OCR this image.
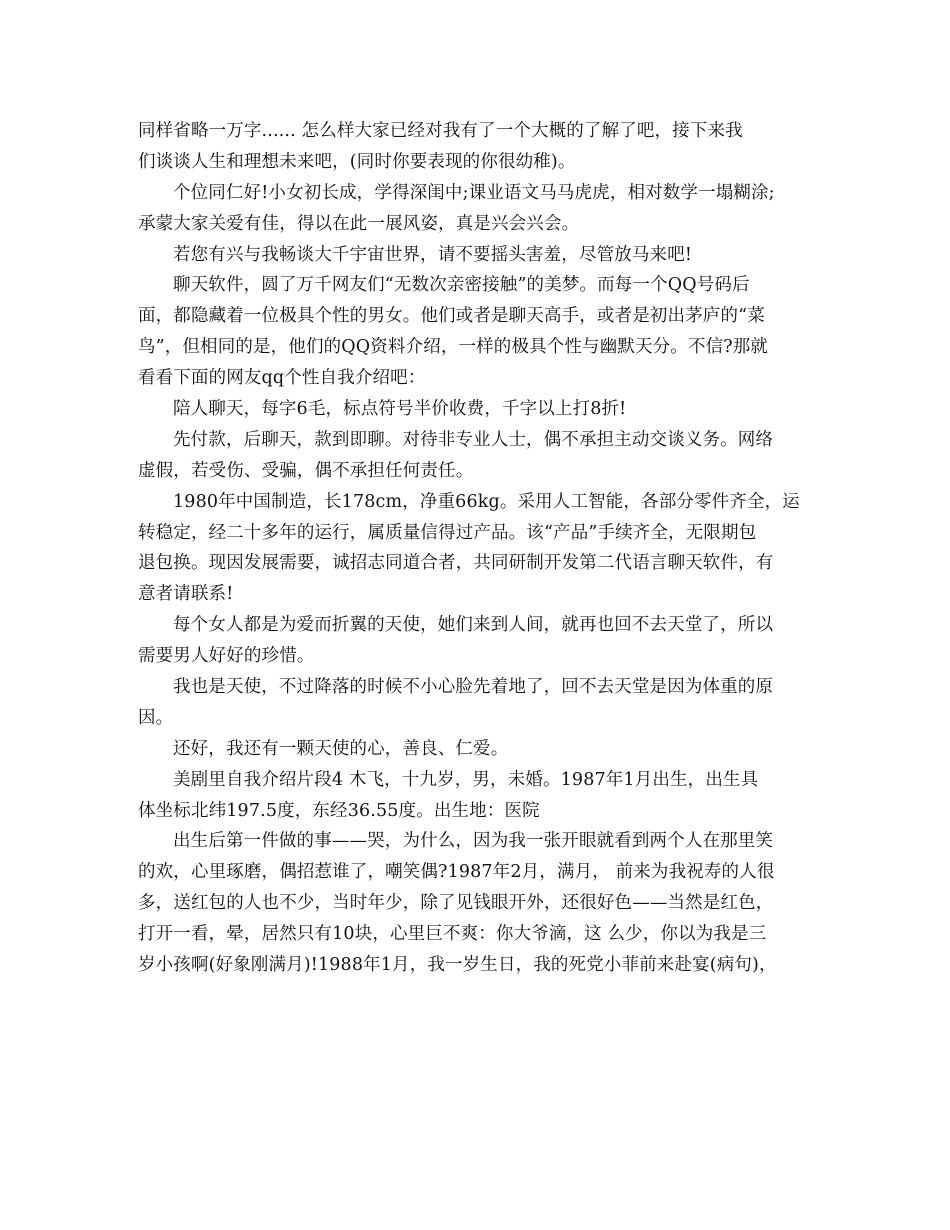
同样省略一万字...... 怎么样大家已经对我有了一个大概的了解了吧，接下来我
们谈谈人生和理想未来吧，(同时你要表现的你很幼稚)。
个位同仁好!小女初长成，学得深闺中;课业语文马马虎虎，相对数学一塌糊涂;
承蒙大家关爱有佳，得以在此一展风姿，真是兴会兴会。
若您有兴与我畅谈大千宇宙世界，请不要摇头害羞，尽管放马来吧!
聊天软件，圆了万千网友们“无数次亲密接触”的美梦。而每一个QQ号码后
面，都隐藏着一位极具个性的男女。他们或者是聊天高手，或者是初出茅庐的“菜
鸟”，但相同的是，他们的QQ资料介绍，一样的极具个性与幽默天分。不信?那就
看看下面的网友qq个性自我介绍吧：
陪人聊天，每字6毛，标点符号半价收费，千字以上打8折!
先付款，后聊天，款到即聊。对待非专业人士，偶不承担主动交谈义务。网络
虚假，若受伤、受骗，偶不承担任何责任。
1980年中国制造，长178cm，净重66kg。采用人工智能，各部分零件齐全，运
转稳定，经二十多年的运行，属质量信得过产品。该“产品”手续齐全，无限期包
退包换。现因发展需要，诚招志同道合者，共同研制开发第二代语言聊天软件，有
意者请联系!
每个女人都是为爱而折翼的天使，她们来到人间，就再也回不去天堂了，所以
需要男人好好的珍惜。
我也是天使，不过降落的时候不小心脸先着地了，回不去天堂是因为体重的原
因。
还好，我还有一颗天使的心，善良、仁爱。
美剧里自我介绍片段4 木飞，十九岁，男，未婚。1987年1月出生，出生具
体坐标北纬197.5度，东经36.55度。出生地：医院
出生后第一件做的事——哭，为什么，因为我一张开眼就看到两个人在那里笑
的欢，心里琢磨，偶招惹谁了，嘲笑偶?1987年2月，满月， 前来为我祝寿的人很
多，送红包的人也不少，当时年少，除了见钱眼开外，还很好色——当然是红色，
打开一看，晕，居然只有10块，心里巨不爽：你大爷滴，这 么少，你以为我是三
岁小孩啊(好象刚满月)!1988年1月，我一岁生日，我的死党小菲前来赴宴(病句)，
